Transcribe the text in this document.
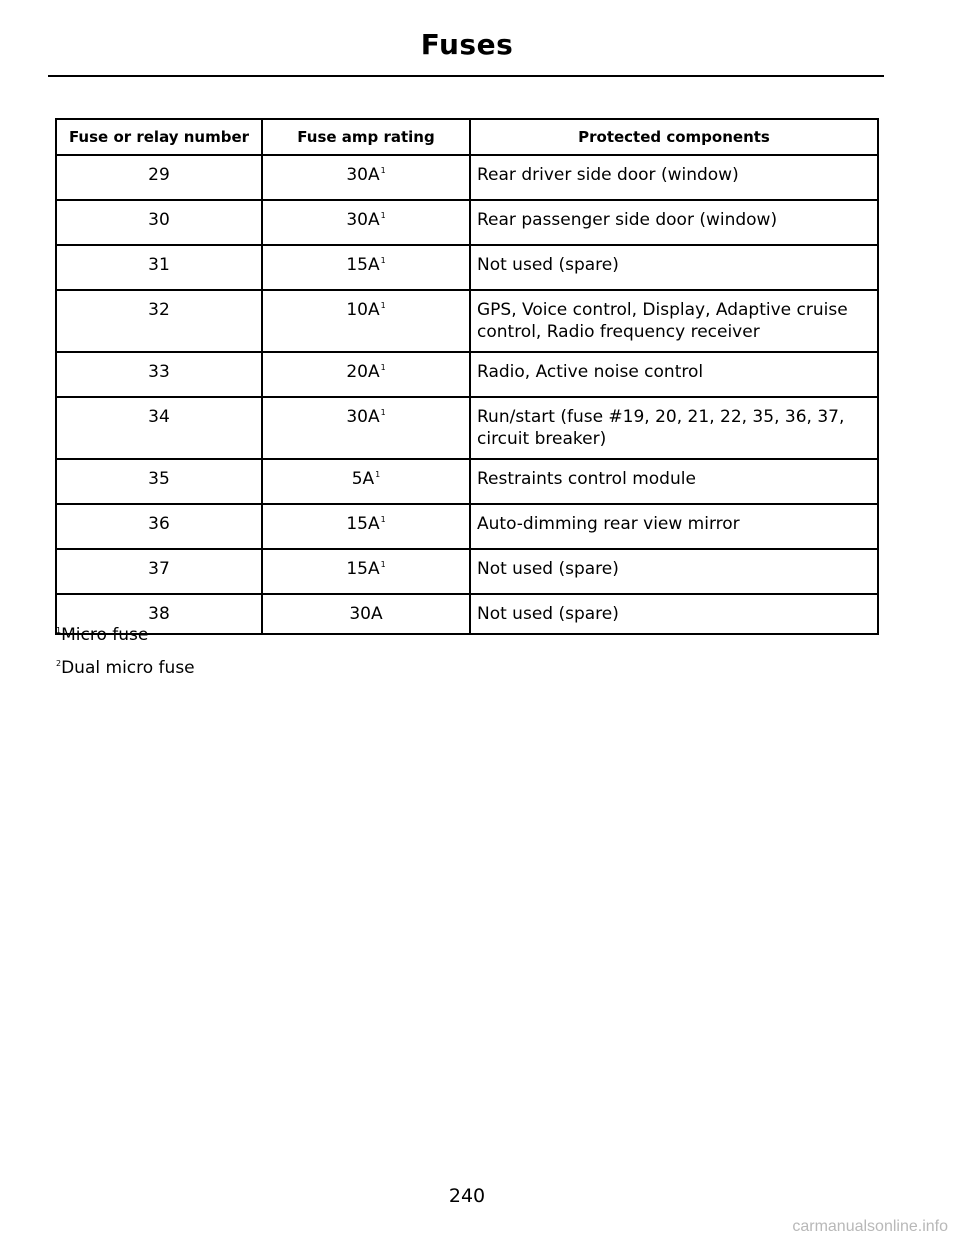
Fuses
Fuse or relay number	Fuse amp rating	Protected components
29	$30A^1$	Rear driver side door (window)
30	$30A^1$	Rear passenger side door (window)
31	$15A^1$	Not used (spare)
32	$10A^1$	GPS, Voice control, Display, Adaptive cruise control, Radio frequency receiver
33	$20A^1$	Radio, Active noise control
34	$30A^1$	Run/start (fuse #19, 20, 21, 22, 35, 36, 37, circuit breaker)
35	$5A^1$	Restraints control module
36	$15A^1$	Auto-dimming rear view mirror
37	$15A^1$	Not used (spare)
38	30A	Not used (spare)
$^1$Micro fuse
$^2$Dual micro fuse
240
carmanualsonline.info
